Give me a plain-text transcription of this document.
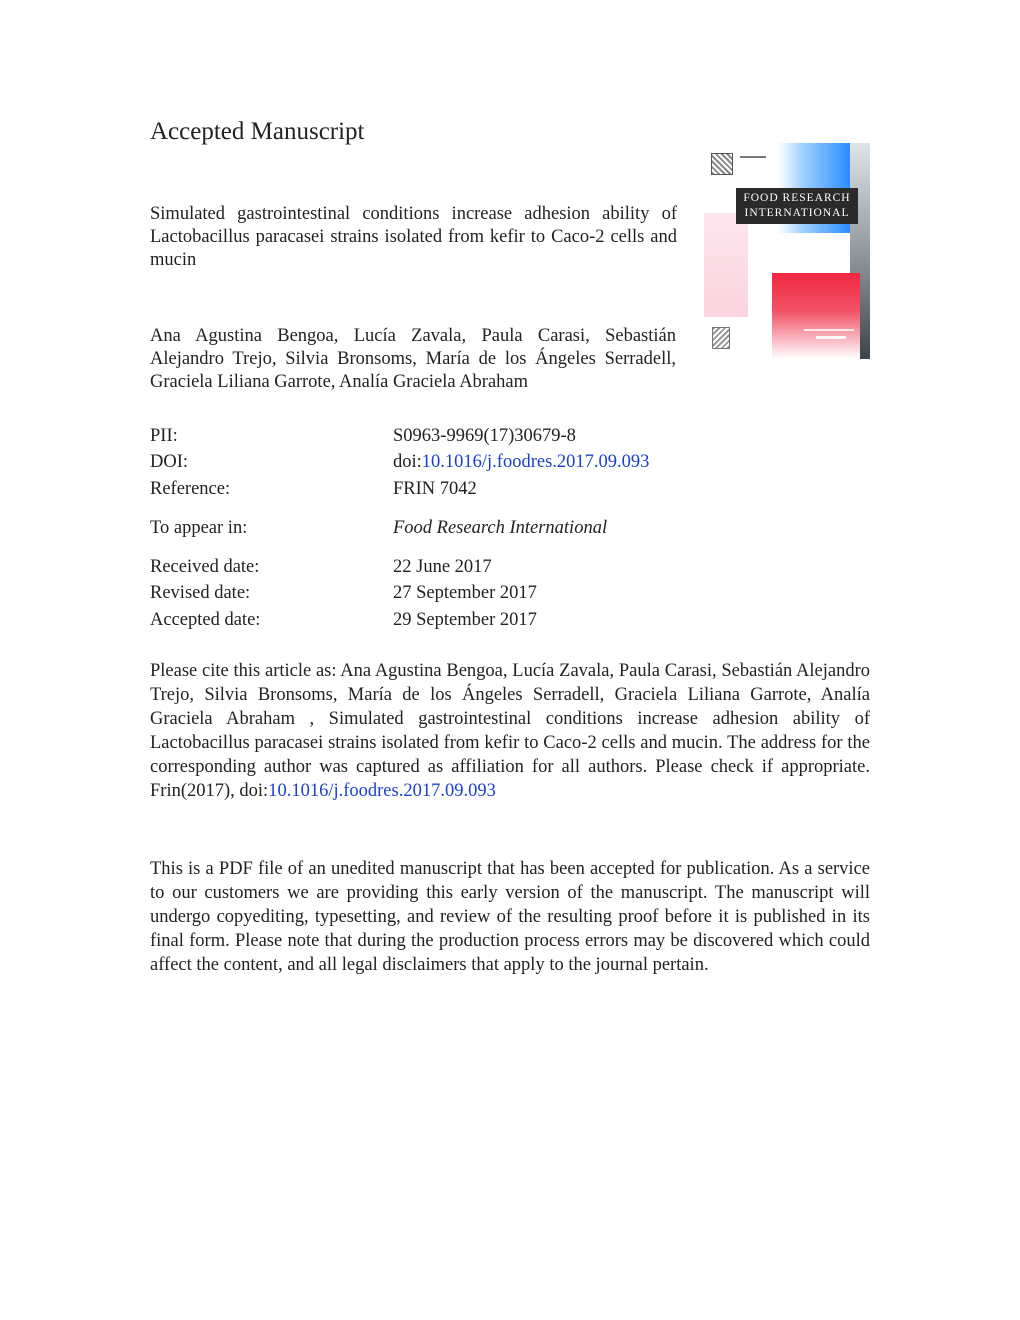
Accepted Manuscript
Simulated gastrointestinal conditions increase adhesion ability of Lactobacillus paracasei strains isolated from kefir to Caco-2 cells and mucin
Ana Agustina Bengoa, Lucía Zavala, Paula Carasi, Sebastián Alejandro Trejo, Silvia Bronsoms, María de los Ángeles Serradell, Graciela Liliana Garrote, Analía Graciela Abraham
FOOD RESEARCH
INTERNATIONAL
PII:	S0963-9969(17)30679-8
DOI:	doi:10.1016/j.foodres.2017.09.093
Reference:	FRIN 7042
To appear in:	Food Research International
Received date:	22 June 2017
Revised date:	27 September 2017
Accepted date:	29 September 2017
Please cite this article as: Ana Agustina Bengoa, Lucía Zavala, Paula Carasi, Sebastián Alejandro Trejo, Silvia Bronsoms, María de los Ángeles Serradell, Graciela Liliana Garrote, Analía Graciela Abraham , Simulated gastrointestinal conditions increase adhesion ability of Lactobacillus paracasei strains isolated from kefir to Caco-2 cells and mucin. The address for the corresponding author was captured as affiliation for all authors. Please check if appropriate. Frin(2017), doi:10.1016/j.foodres.2017.09.093
This is a PDF file of an unedited manuscript that has been accepted for publication. As a service to our customers we are providing this early version of the manuscript. The manuscript will undergo copyediting, typesetting, and review of the resulting proof before it is published in its final form. Please note that during the production process errors may be discovered which could affect the content, and all legal disclaimers that apply to the journal pertain.
